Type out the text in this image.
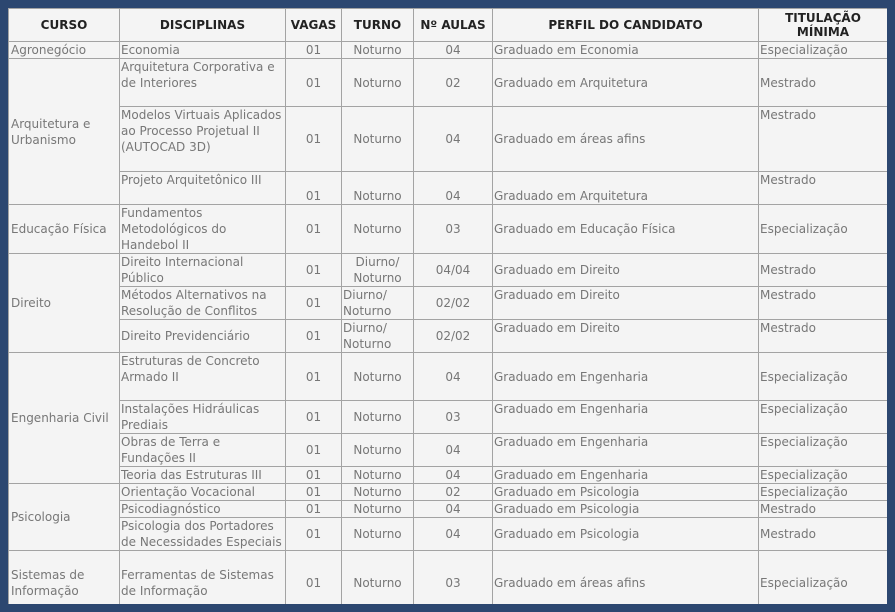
CURSO	DISCIPLINAS	VAGAS	TURNO	Nº AULAS	PERFIL DO CANDIDATO	TITULAÇÃO MÍNIMA
Agronegócio	Economia	01	Noturno	04	Graduado em Economia	Especialização
Arquitetura e Urbanismo	Arquitetura Corporativa e de Interiores	01	Noturno	02	Graduado em Arquitetura	Mestrado
	Modelos Virtuais Aplicados ao Processo Projetual II (AUTOCAD 3D)	01	Noturno	04	Graduado em áreas afins	Mestrado
	Projeto Arquitetônico III	01	Noturno	04	Graduado em Arquitetura	Mestrado
Educação Física	Fundamentos Metodológicos do Handebol II	01	Noturno	03	Graduado em Educação Física	Especialização
Direito	Direito Internacional Público	01	Diurno/ Noturno	04/04	Graduado em Direito	Mestrado
	Métodos Alternativos na Resolução de Conflitos	01	Diurno/ Noturno	02/02	Graduado em Direito	Mestrado
	Direito Previdenciário	01	Diurno/ Noturno	02/02	Graduado em Direito	Mestrado
Engenharia Civil	Estruturas de Concreto Armado II	01	Noturno	04	Graduado em Engenharia	Especialização
	Instalações Hidráulicas Prediais	01	Noturno	03	Graduado em Engenharia	Especialização
	Obras de Terra e Fundações II	01	Noturno	04	Graduado em Engenharia	Especialização
	Teoria das Estruturas III	01	Noturno	04	Graduado em Engenharia	Especialização
Psicologia	Orientação Vocacional	01	Noturno	02	Graduado em Psicologia	Especialização
	Psicodiagnóstico	01	Noturno	04	Graduado em Psicologia	Mestrado
	Psicologia dos Portadores de Necessidades Especiais	01	Noturno	04	Graduado em Psicologia	Mestrado
Sistemas de Informação	Ferramentas de Sistemas de Informação	01	Noturno	03	Graduado em áreas afins	Especialização
